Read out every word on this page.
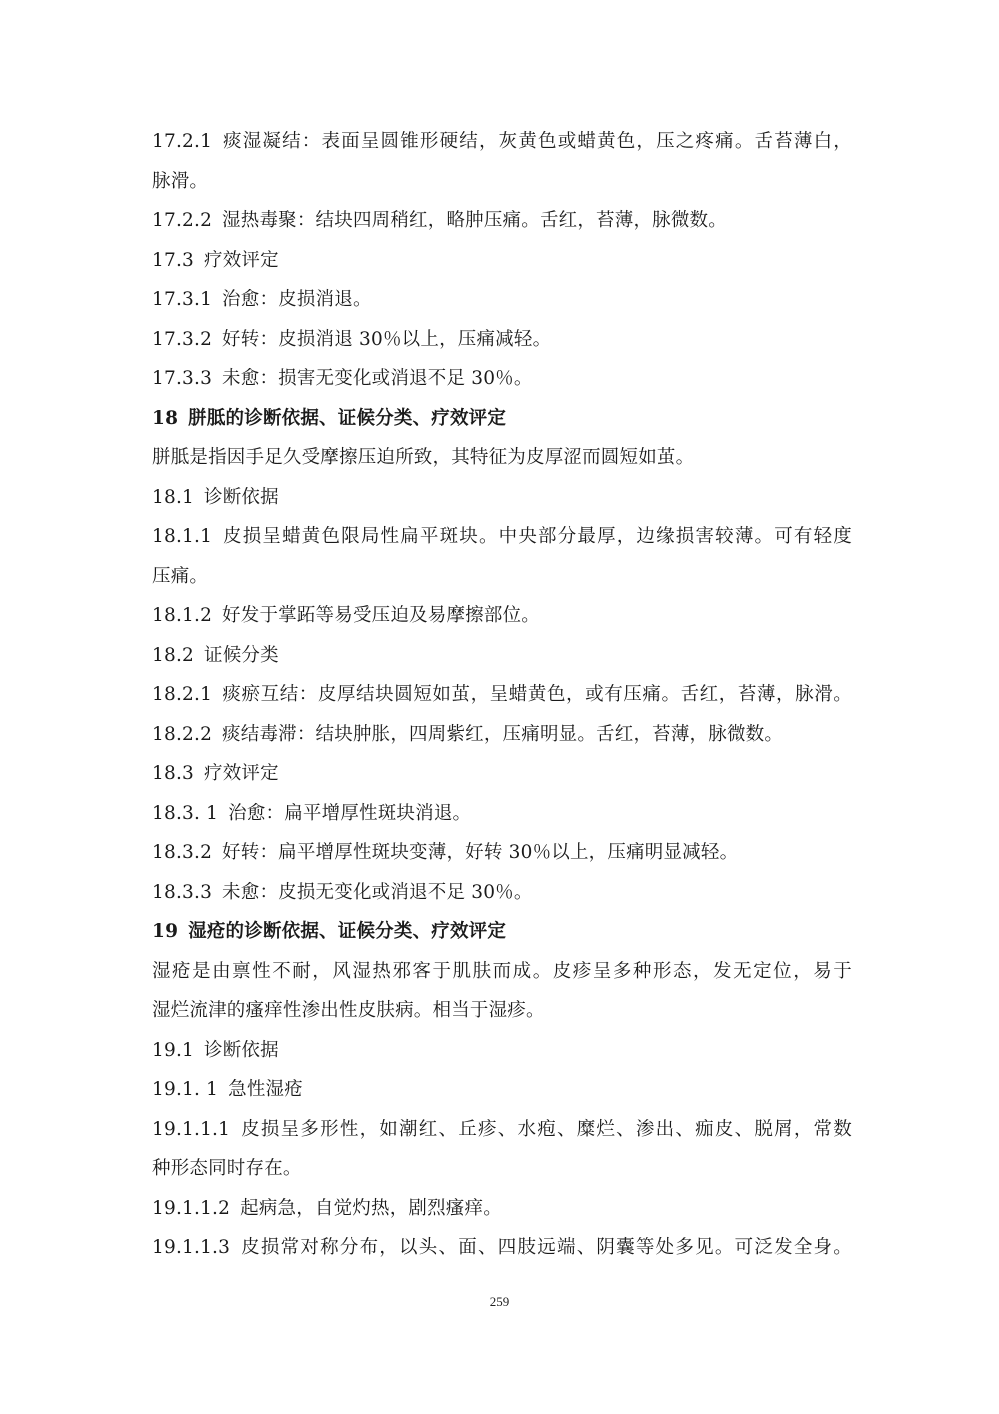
17.2.1 痰湿凝结：表面呈圆锥形硬结，灰黄色或蜡黄色，压之疼痛。舌苔薄白，
脉滑。
17.2.2 湿热毒聚：结块四周稍红，略肿压痛。舌红，苔薄，脉微数。
17.3 疗效评定
17.3.1 治愈：皮损消退。
17.3.2 好转：皮损消退 30％以上，压痛减轻。
17.3.3 未愈：损害无变化或消退不足 30％。
18 胼胝的诊断依据、证候分类、疗效评定
胼胝是指因手足久受摩擦压迫所致，其特征为皮厚涩而圆短如茧。
18.1 诊断依据
18.1.1 皮损呈蜡黄色限局性扁平斑块。中央部分最厚，边缘损害较薄。可有轻度
压痛。
18.1.2 好发于掌跖等易受压迫及易摩擦部位。
18.2 证候分类
18.2.1 痰瘀互结：皮厚结块圆短如茧，呈蜡黄色，或有压痛。舌红，苔薄，脉滑。
18.2.2 痰结毒滞：结块肿胀，四周紫红，压痛明显。舌红，苔薄，脉微数。
18.3 疗效评定
18.3. 1 治愈：扁平增厚性斑块消退。
18.3.2 好转：扁平增厚性斑块变薄，好转 30％以上，压痛明显减轻。
18.3.3 未愈：皮损无变化或消退不足 30％。
19 湿疮的诊断依据、证候分类、疗效评定
湿疮是由禀性不耐，风湿热邪客于肌肤而成。皮疹呈多种形态，发无定位，易于
湿烂流津的瘙痒性渗出性皮肤病。相当于湿疹。
19.1 诊断依据
19.1. 1 急性湿疮
19.1.1.1 皮损呈多形性，如潮红、丘疹、水疱、糜烂、渗出、痂皮、脱屑，常数
种形态同时存在。
19.1.1.2 起病急，自觉灼热，剧烈瘙痒。
19.1.1.3 皮损常对称分布，以头、面、四肢远端、阴囊等处多见。可泛发全身。
259
